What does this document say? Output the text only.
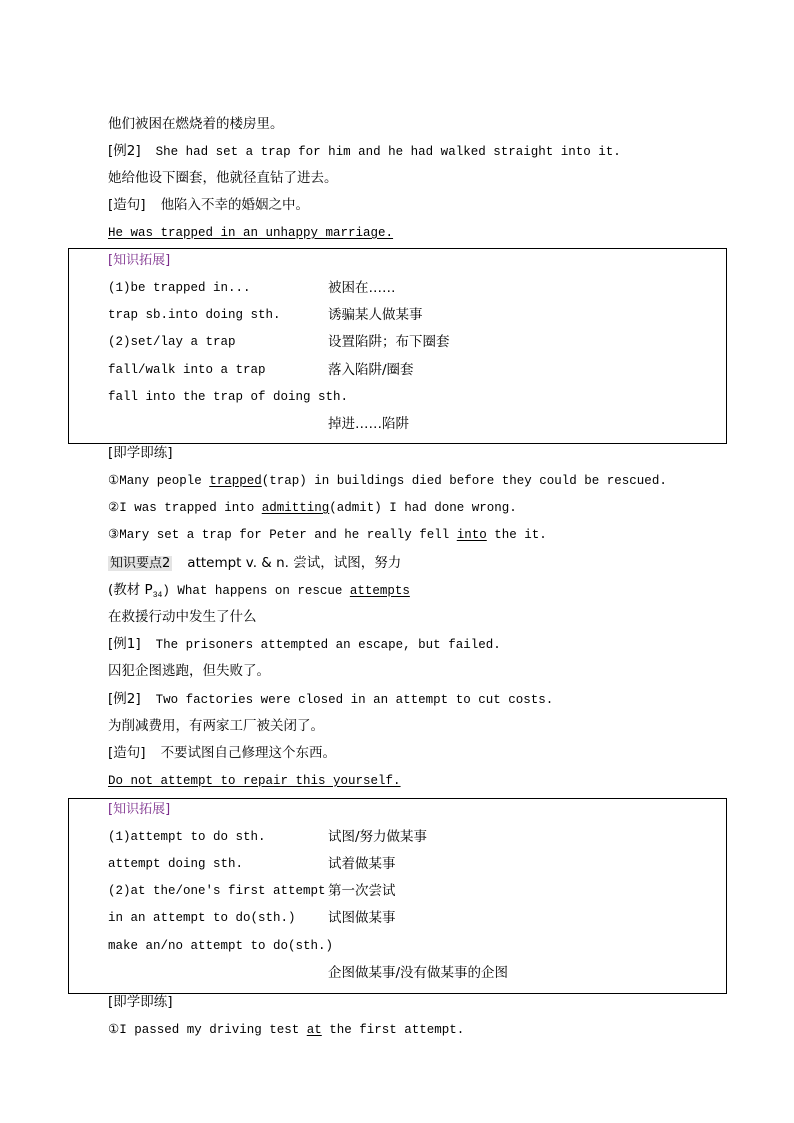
他们被困在燃烧着的楼房里。
[例2] She had set a trap for him and he had walked straight into it.
她给他设下圈套，他就径直钻了进去。
[造句] 他陷入不幸的婚姻之中。
He was trapped in an unhappy marriage.
[知识拓展]
(1)be trapped in...	被困在……
trap sb.into doing sth.	诱骗某人做某事
(2)set/lay a trap	设置陷阱；布下圈套
fall/walk into a trap	落入陷阱/圈套
fall into the trap of doing sth.
掉进……陷阱
[即学即练]
①Many people trapped(trap) in buildings died before they could be rescued.
②I was trapped into admitting(admit) I had done wrong.
③Mary set a trap for Peter and he really fell into the it.
知识要点2 attempt v. & n. 尝试，试图，努力
(教材 $P_{34}$) What happens on rescue attempts
在救援行动中发生了什么
[例1] The prisoners attempted an escape, but failed.
囚犯企图逃跑，但失败了。
[例2] Two factories were closed in an attempt to cut costs.
为削减费用，有两家工厂被关闭了。
[造句] 不要试图自己修理这个东西。
Do not attempt to repair this yourself.
[知识拓展]
(1)attempt to do sth.	试图/努力做某事
attempt doing sth.	试着做某事
(2)at the/one's first attempt 第一次尝试
in an attempt to do(sth.) 试图做某事
make an/no attempt to do(sth.)
企图做某事/没有做某事的企图
[即学即练]
①I passed my driving test at the first attempt.
